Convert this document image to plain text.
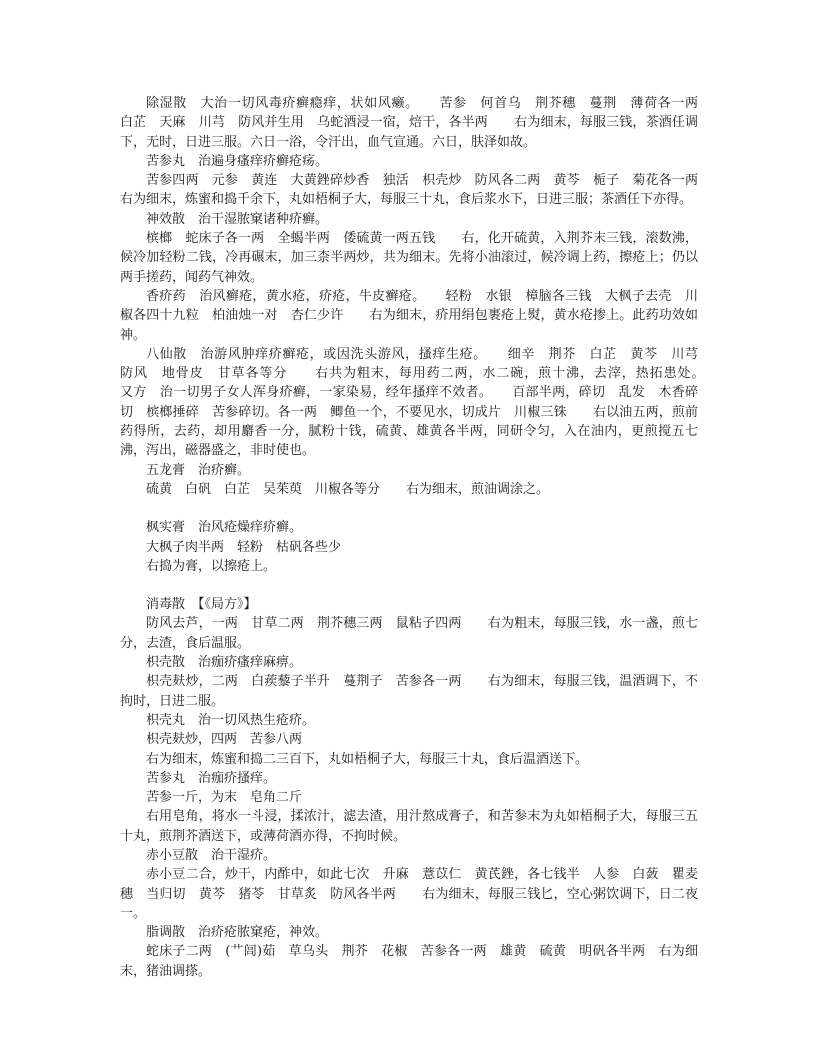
除湿散　大治一切风毒疥癣瘾痒，状如风癞。　　苦参　何首乌　荆芥穗　蔓荆　薄荷各一两　白芷　天麻　川芎　防风并生用　乌蛇酒浸一宿，焙干，各半两　　右为细末，每服三钱，茶酒任调下，无时，日进三服。六日一浴，令汗出，血气宣通。六日，肤泽如故。

苦参丸　治遍身瘙痒疥癣疮疡。

苦参四两　元参　黄连　大黄銼碎炒香　独活　枳壳炒　防风各二两　黄芩　栀子　菊花各一两　　右为细末，炼蜜和捣千余下，丸如梧桐子大，每服三十丸，食后浆水下，日进三服；茶酒任下亦得。

神效散　治干湿脓窠诸种疥癣。

槟榔　蛇床子各一两　全蝎半两　倭硫黄一两五钱　　右，化开硫黄，入荆芥末三钱，滚数沸，候冷加轻粉二钱，冷再碾末，加三柰半两炒，共为细末。先将小油滚过，候冷调上药，擦疮上；仍以两手搓药，闻药气神效。

香疥药　治风癣疮，黄水疮，疥疮，牛皮癣疮。　　轻粉　水银　樟脑各三钱　大枫子去壳　川椒各四十九粒　柏油烛一对　杏仁少许　　右为细末，疥用绢包裹疮上熨，黄水疮掺上。此药功效如神。

八仙散　治游风肿痒疥癣疮，或因洗头游风，搔痒生疮。　　细辛　荆芥　白芷　黄芩　川芎　防风　地骨皮　甘草各等分　　右共为粗末，每用药二两，水二碗，煎十沸，去滓，热拓患处。　　又方　治一切男子女人浑身疥癣，一家染易，经年搔痒不效者。　　百部半两，碎切　乱发　木香碎切　槟榔捶碎　苦参碎切。各一两　鲫鱼一个，不要见水，切成片　川椒三铢　　右以油五两，煎前药得所，去药，却用麝香一分，腻粉十钱，硫黄、雄黄各半两，同研令匀，入在油内，更煎搅五七沸，泻出，磁器盛之，非时使也。

五龙膏　治疥癣。

硫黄　白矾　白芷　吴茱萸　川椒各等分　　右为细末，煎油调涂之。

枫实膏　治风疮燥痒疥癣。

大枫子肉半两　轻粉　枯矾各些少

右捣为膏，以擦疮上。

消毒散　【《局方》】

防风去芦，一两　甘草二两　荆芥穗三两　鼠粘子四两　　右为粗末，每服三钱，水一盏，煎七分，去渣，食后温服。

枳壳散　治痂疥瘙痒麻痹。

枳壳麸炒，二两　白蒺藜子半升　蔓荆子　苦参各一两　　右为细末，每服三钱，温酒调下，不拘时，日进二服。

枳壳丸　治一切风热生疮疥。

枳壳麸炒，四两　苦参八两

右为细末，炼蜜和捣二三百下，丸如梧桐子大，每服三十丸，食后温酒送下。

苦参丸　治痂疥搔痒。

苦参一斤，为末　皂角二斤

右用皂角，将水一斗浸，揉浓汁，滤去渣，用汁熬成膏子，和苦参末为丸如梧桐子大，每服三五十丸，煎荆芥酒送下，或薄荷酒亦得，不拘时候。

赤小豆散　治干湿疥。

赤小豆二合，炒干，内酢中，如此七次　升麻　薏苡仁　黄芪銼，各七钱半　人参　白蔹　瞿麦穗　当归切　黄芩　猪苓　甘草炙　防风各半两　　右为细末，每服三钱匕，空心粥饮调下，日二夜一。

脂调散　治疥疮脓窠疮，神效。

蛇床子二两　(艹闾)茹　草乌头　荆芥　花椒　苦参各一两　雄黄　硫黄　明矾各半两　右为细末，猪油调搽。
